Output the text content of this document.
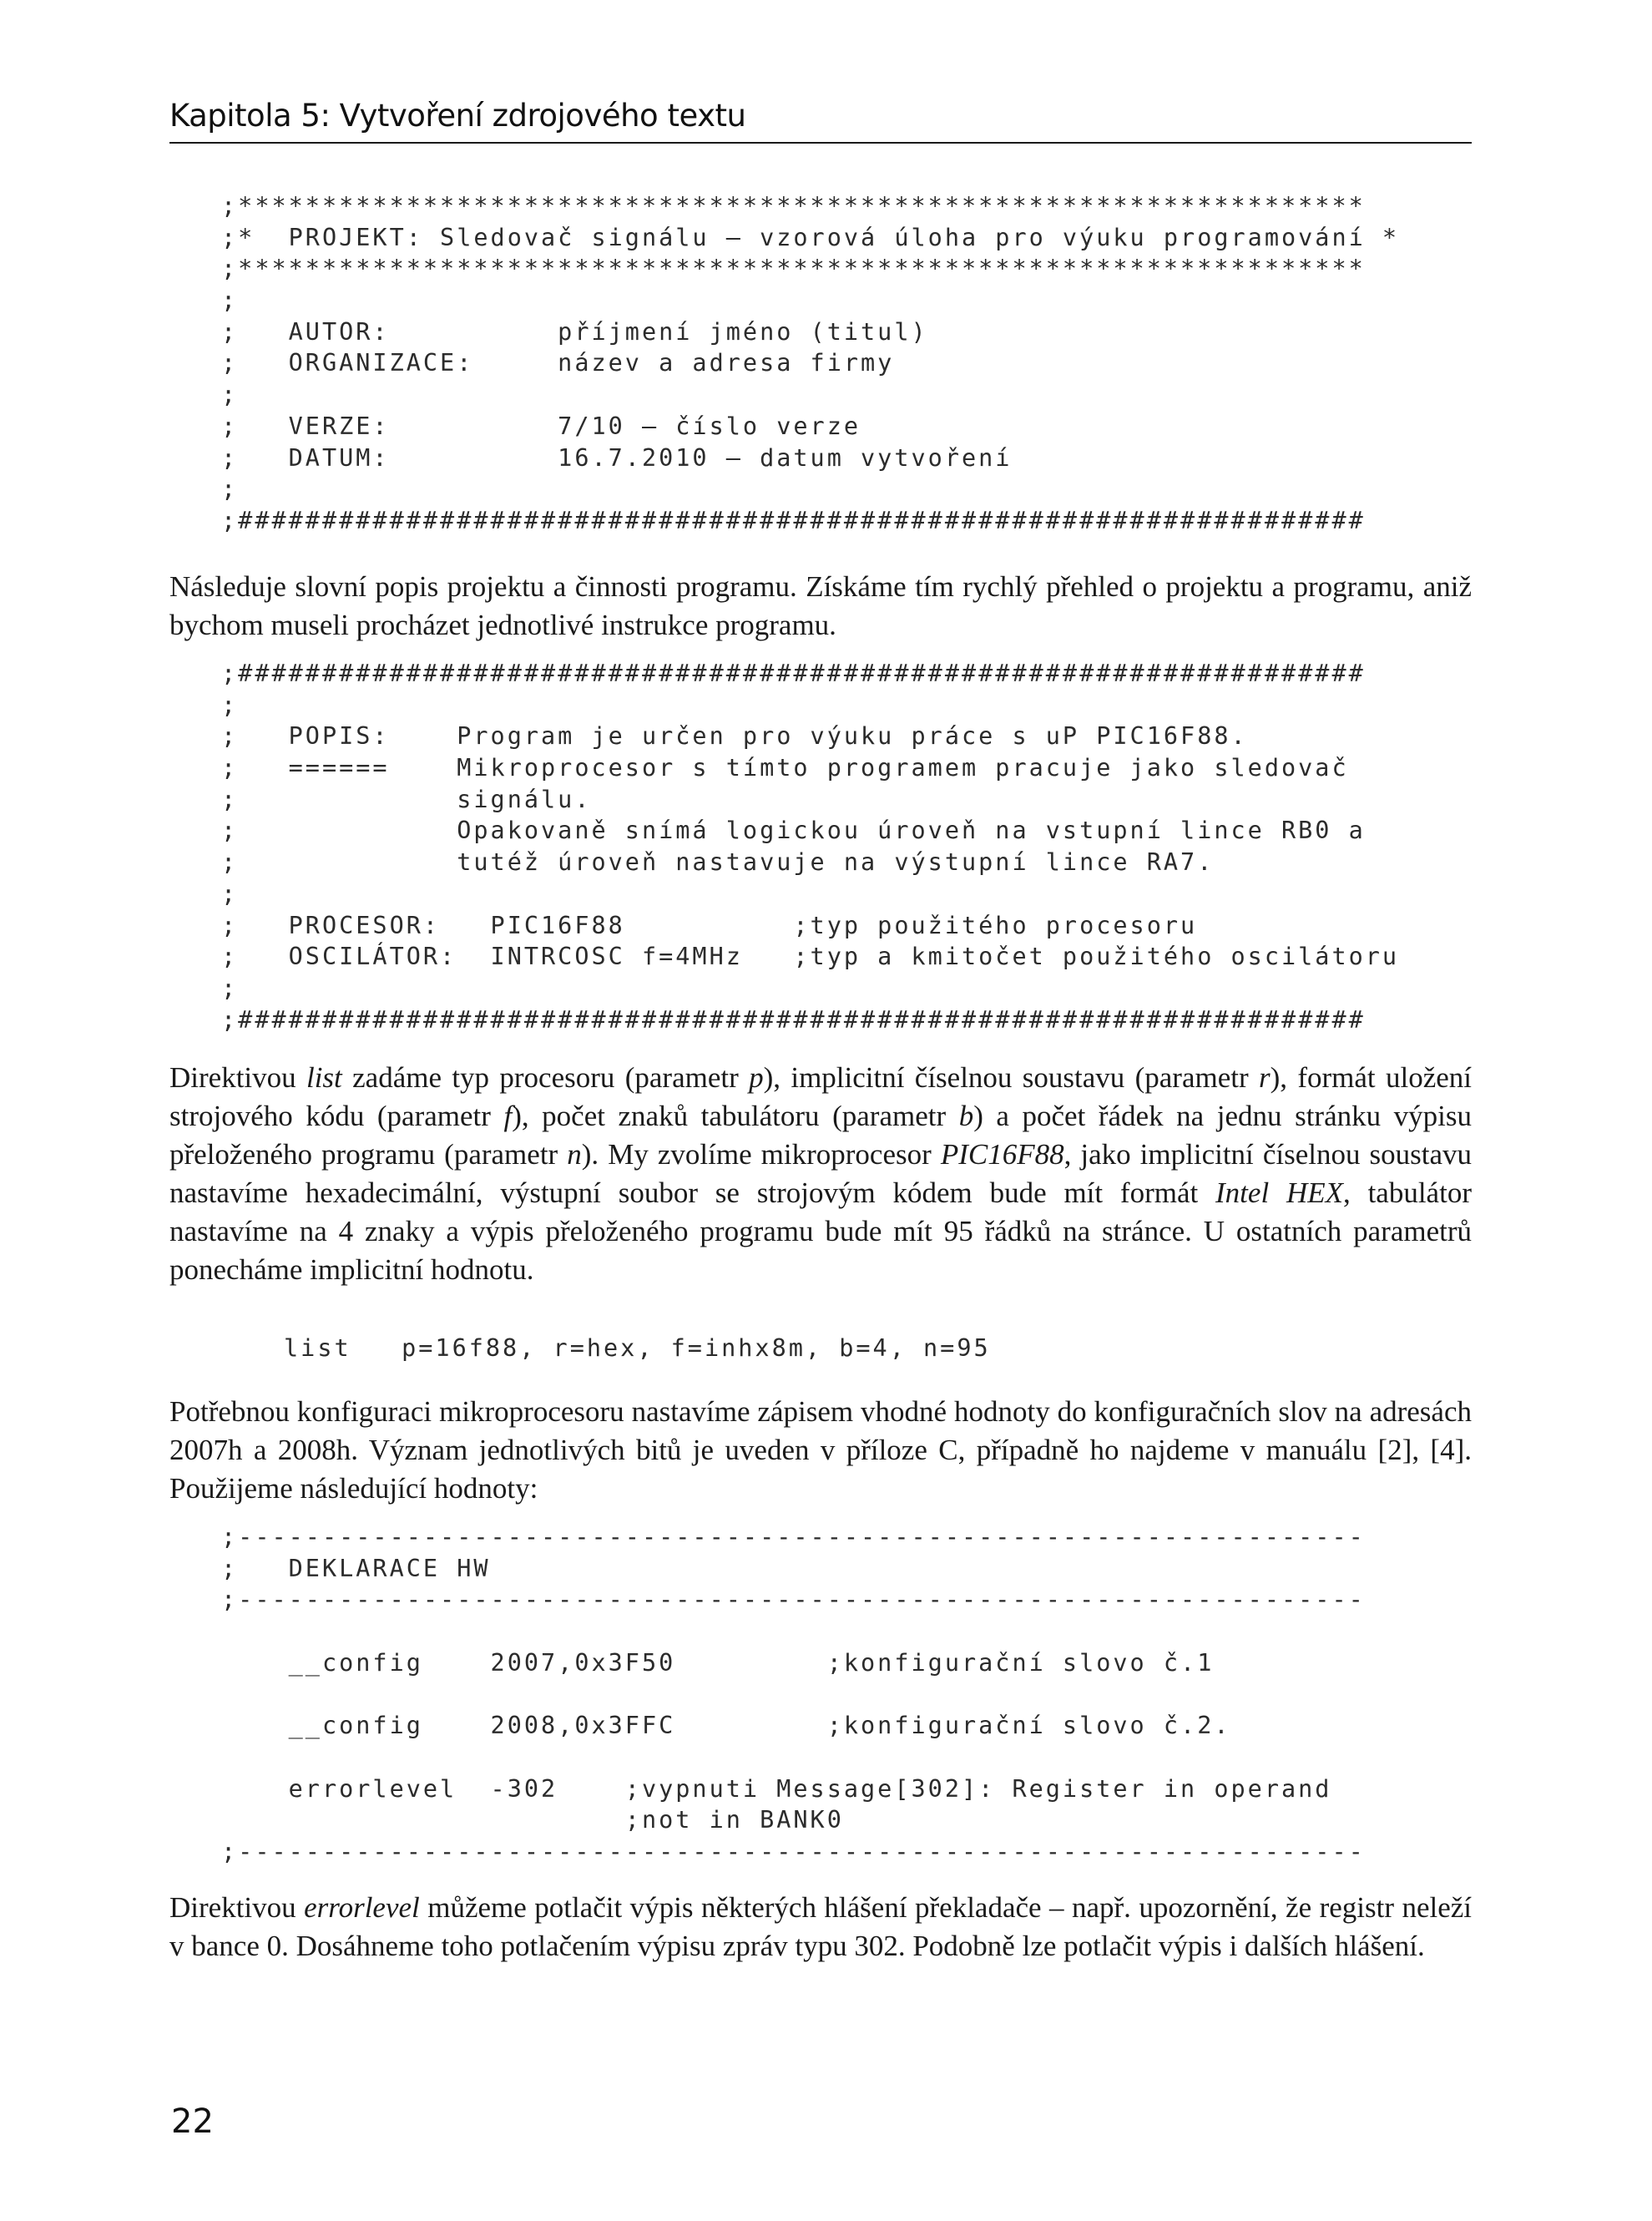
Kapitola 5: Vytvoření zdrojového textu
;*******************************************************************
;*  PROJEKT: Sledovač signálu – vzorová úloha pro výuku programování *
;*******************************************************************
;
;   AUTOR:          příjmení jméno (titul)
;   ORGANIZACE:     název a adresa firmy
;
;   VERZE:          7/10 – číslo verze
;   DATUM:          16.7.2010 – datum vytvoření
;
;###################################################################

Následuje slovní popis projektu a činnosti programu. Získáme tím rychlý přehled o projektu a programu, aniž bychom museli procházet jednotlivé instrukce programu.

;###################################################################
;
;   POPIS:    Program je určen pro výuku práce s uP PIC16F88.
;   ======    Mikroprocesor s tímto programem pracuje jako sledovač
;             signálu.
;             Opakovaně snímá logickou úroveň na vstupní lince RB0 a
;             tutéž úroveň nastavuje na výstupní lince RA7.
;
;   PROCESOR:   PIC16F88          ;typ použitého procesoru
;   OSCILÁTOR:  INTRCOSC f=4MHz   ;typ a kmitočet použitého oscilátoru
;
;###################################################################

Direktivou list zadáme typ procesoru (parametr p), implicitní číselnou soustavu (parametr r), formát uložení strojového kódu (parametr f), počet znaků tabulátoru (parametr b) a počet řádek na jednu stránku výpisu přeloženého programu (parametr n). My zvolíme mikroprocesor PIC16F88, jako implicitní číselnou soustavu nastavíme hexadecimální, výstupní soubor se strojovým kódem bude mít formát Intel HEX, tabulátor nastavíme na 4 znaky a výpis přeloženého programu bude mít 95 řádků na stránce. U ostatních parametrů ponecháme implicitní hodnotu.

list   p=16f88, r=hex, f=inhx8m, b=4, n=95

Potřebnou konfiguraci mikroprocesoru nastavíme zápisem vhodné hodnoty do konfiguračních slov na adresách 2007h a 2008h. Význam jednotlivých bitů je uveden v příloze C, případně ho najdeme v manuálu [2], [4]. Použijeme následující hodnoty:

;-------------------------------------------------------------------
;   DEKLARACE HW
;-------------------------------------------------------------------
__config    2007,0x3F50         ;konfigurační slovo č.1
__config    2008,0x3FFC         ;konfigurační slovo č.2.
errorlevel  -302    ;vypnuti Message[302]: Register in operand
;not in BANK0
;-------------------------------------------------------------------

Direktivou errorlevel můžeme potlačit výpis některých hlášení překladače – např. upozornění, že registr neleží v bance 0. Dosáhneme toho potlačením výpisu zpráv typu 302. Podobně lze potlačit výpis i dalších hlášení.

22
